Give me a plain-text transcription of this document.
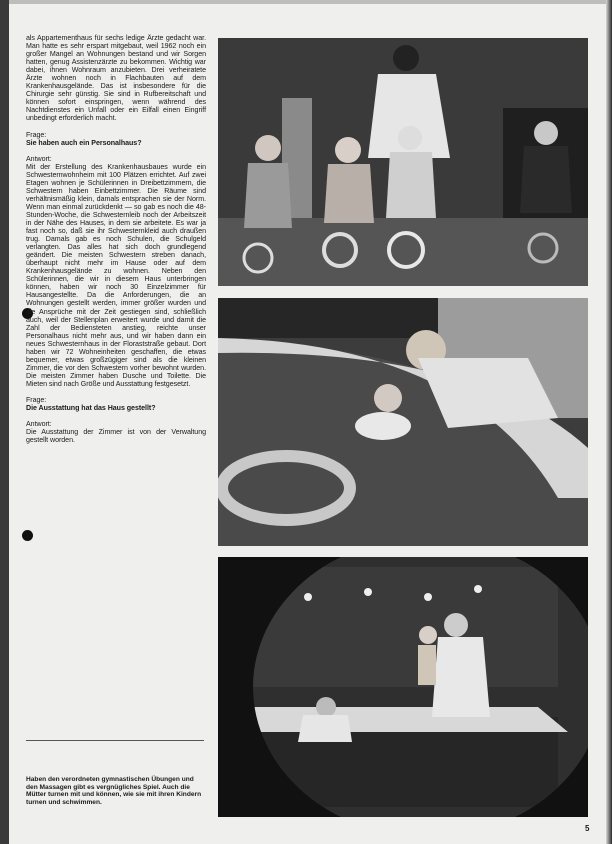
als Appartementhaus für sechs ledige Ärzte gedacht war. Man hatte es sehr erspart mitgebaut, weil 1962 noch ein großer Mangel an Wohnungen bestand und wir Sorgen hatten, genug Assistenzärzte zu bekommen. Wichtig war dabei, ihnen Wohnraum anzubieten. Drei verheiratete Ärzte wohnen noch in Flachbauten auf dem Krankenhausgelände. Das ist insbesondere für die Chirurgie sehr günstig. Sie sind in Rufbereitschaft und können sofort einspringen, wenn während des Nachtdienstes ein Unfall oder ein Eilfall einen Eingriff unbedingt erforderlich macht.

Frage:
Sie haben auch ein Personalhaus?
Antwort:

Mit der Erstellung des Krankenhausbaues wurde ein Schwesternwohnheim mit 100 Plätzen errichtet. Auf zwei Etagen wohnen je Schülerinnen in Dreibettzimmern, die Schwestern haben Einbettzimmer. Die Räume sind verhältnismäßig klein, damals entsprachen sie der Norm. Wenn man einmal zurückdenkt — so gab es noch die 48-Stunden-Woche, die Schwesternleib noch der Arbeitszeit in der Nähe des Hauses, in dem sie arbeitete. Es war ja fast noch so, daß sie ihr Schwesternkleid auch draußen trug. Damals gab es noch Schulen, die Schulgeld verlangten. Das alles hat sich doch grundlegend geändert. Die meisten Schwestern streben danach, überhaupt nicht mehr im Hause oder auf dem Krankenhausgelände zu wohnen. Neben den Schülerinnen, die wir in diesem Haus unterbringen können, haben wir noch 30 Einzelzimmer für Hausangestellte. Da die Anforderungen, die an Wohnungen gestellt werden, immer größer wurden und die Ansprüche mit der Zeit gestiegen sind, schließlich auch, weil der Stellenplan erweitert wurde und damit die Zahl der Bediensteten anstieg, reichte unser Personalhaus nicht mehr aus, und wir haben dann ein neues Schwesternhaus in der Floraststraße gebaut. Dort haben wir 72 Wohneinheiten geschaffen, die etwas bequemer, etwas großzügiger sind als die kleinen Zimmer, die vor den Schwestern vorher bewohnt wurden. Die meisten Zimmer haben Dusche und Toilette. Die Mieten sind nach Größe und Ausstattung festgesetzt.

Frage:
Die Ausstattung hat das Haus gestellt?
Antwort:

Die Ausstattung der Zimmer ist von der Verwaltung gestellt worden.

Haben den verordneten gymnastischen Übungen und den Massagen gibt es vergnügliches Spiel. Auch die Mütter turnen mit und können, wie sie mit ihren Kindern turnen und schwimmen.
5
